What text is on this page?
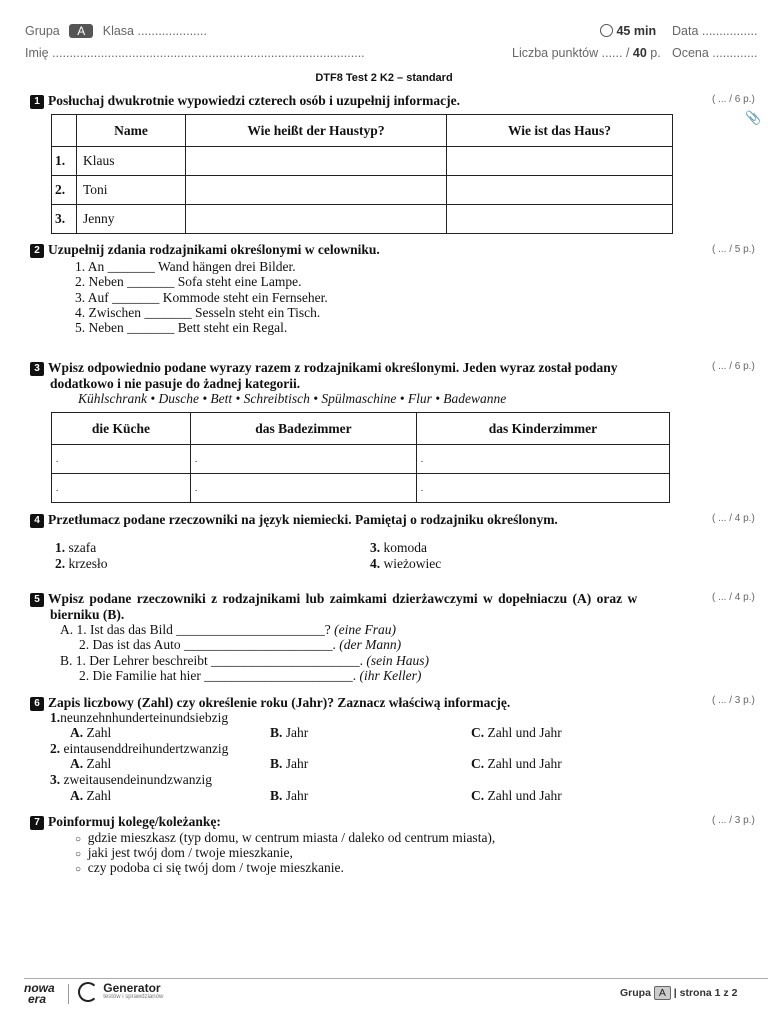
Grupa A Klasa ....................
Imię ..........................................................................................
45 min Data ................
Liczba punktów ...... / 40 p. Ocena .............
DTF8 Test 2 K2 – standard
1 Posłuchaj dwukrotnie wypowiedzi czterech osób i uzupełnij informacje.	( ... / 6 p.)
📎
	Name	Wie heißt der Haustyp?	Wie ist das Haus?
1.	Klaus		
2.	Toni		
3.	Jenny		
2 Uzupełnij zdania rodzajnikami określonymi w celowniku.	( ... / 5 p.)
1. An _______ Wand hängen drei Bilder.
2. Neben _______ Sofa steht eine Lampe.
3. Auf _______ Kommode steht ein Fernseher.
4. Zwischen _______ Sesseln steht ein Tisch.
5. Neben _______ Bett steht ein Regal.
3 Wpisz odpowiednio podane wyrazy razem z rodzajnikami określonymi. Jeden wyraz został podany
dodatkowo i nie pasuje do żadnej kategorii.
( ... / 6 p.)
Kühlschrank • Dusche • Bett • Schreibtisch • Spülmaschine • Flur • Badewanne
die Küche	das Badezimmer	das Kinderzimmer
.	.	.
.	.	.
4 Przetłumacz podane rzeczowniki na język niemiecki. Pamiętaj o rodzajniku określonym.	( ... / 4 p.)
1. szafa
2. krzesło
3. komoda
4. wieżowiec
5 Wpisz podane rzeczowniki z rodzajnikami lub zaimkami dzierżawczymi w dopełniaczu (A) oraz w
bierniku (B).
( ... / 4 p.)
A. 1. Ist das das Bild ______________________? (eine Frau)
2. Das ist das Auto ______________________. (der Mann)
B. 1. Der Lehrer beschreibt ______________________. (sein Haus)
2. Die Familie hat hier ______________________. (ihr Keller)
6 Zapis liczbowy (Zahl) czy określenie roku (Jahr)? Zaznacz właściwą informację.	( ... / 3 p.)
1.neunzehnhunderteinundsiebzig
A. Zahl	B. Jahr	C. Zahl und Jahr
2. eintausenddreihundertzwanzig
A. Zahl	B. Jahr	C. Zahl und Jahr
3. zweitausendeinundzwanzig
A. Zahl	B. Jahr	C. Zahl und Jahr
7 Poinformuj kolegę/koleżankę:	( ... / 3 p.)
○ gdzie mieszkasz (typ domu, w centrum miasta / daleko od centrum miasta),
○ jaki jest twój dom / twoje mieszkanie,
○ czy podoba ci się twój dom / twoje mieszkanie.
nowa
era

Generator
testów i sprawdzianów	Grupa A | strona 1 z 2
